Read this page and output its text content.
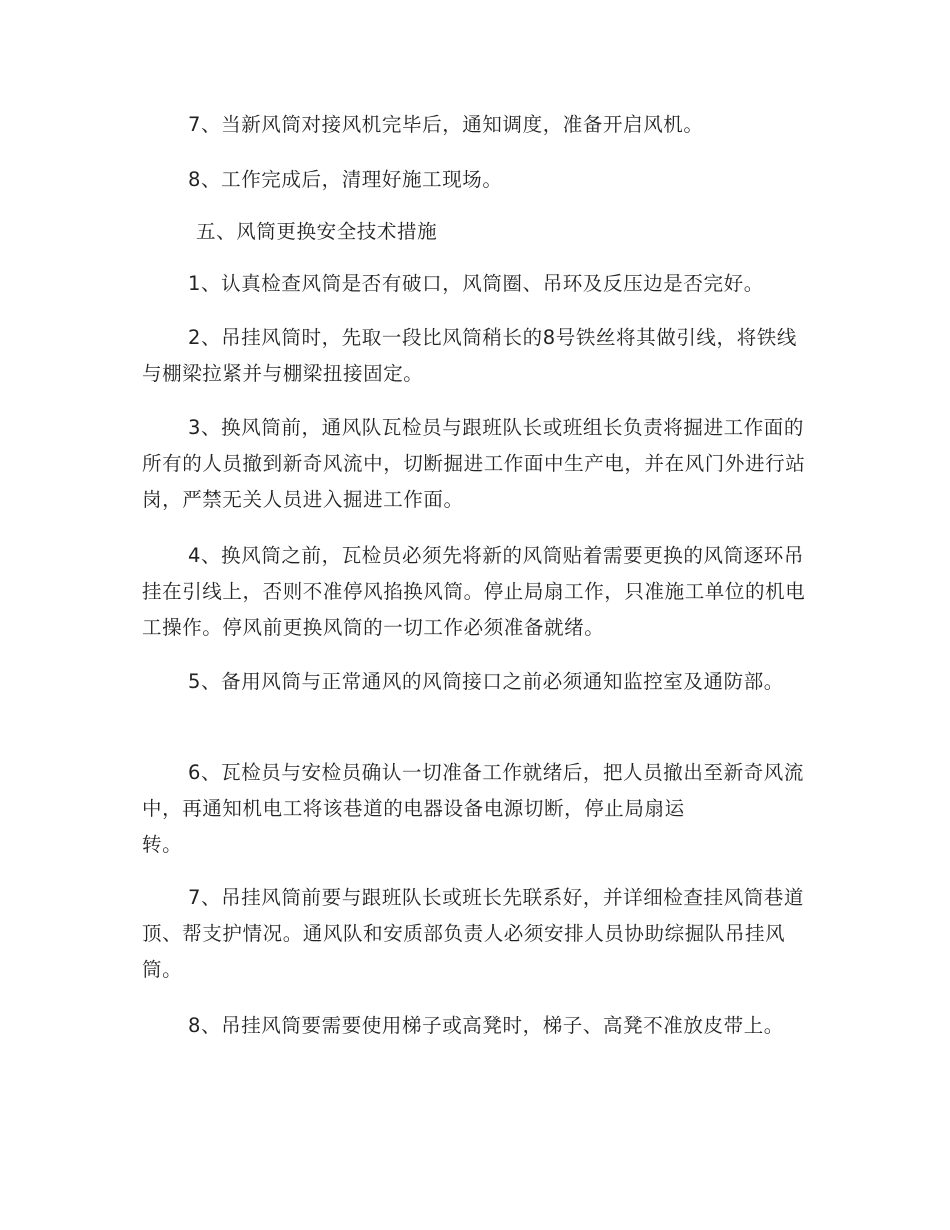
7、当新风筒对接风机完毕后，通知调度，准备开启风机。

8、工作完成后，清理好施工现场。

五、风筒更换安全技术措施

1、认真检查风筒是否有破口，风筒圈、吊环及反压边是否完好。

2、吊挂风筒时，先取一段比风筒稍长的8号铁丝将其做引线，将铁线与棚梁拉紧并与棚梁扭接固定。

3、换风筒前，通风队瓦检员与跟班队长或班组长负责将掘进工作面的所有的人员撤到新奇风流中，切断掘进工作面中生产电，并在风门外进行站岗，严禁无关人员进入掘进工作面。

4、换风筒之前，瓦检员必须先将新的风筒贴着需要更换的风筒逐环吊挂在引线上，否则不准停风掐换风筒。停止局扇工作，只准施工单位的机电工操作。停风前更换风筒的一切工作必须准备就绪。

5、备用风筒与正常通风的风筒接口之前必须通知监控室及通防部。

6、瓦检员与安检员确认一切准备工作就绪后，把人员撤出至新奇风流中，再通知机电工将该巷道的电器设备电源切断，停止局扇运
转。

7、吊挂风筒前要与跟班队长或班长先联系好，并详细检查挂风筒巷道顶、帮支护情况。通风队和安质部负责人必须安排人员协助综掘队吊挂风筒。

8、吊挂风筒要需要使用梯子或高凳时，梯子、高凳不准放皮带上。
